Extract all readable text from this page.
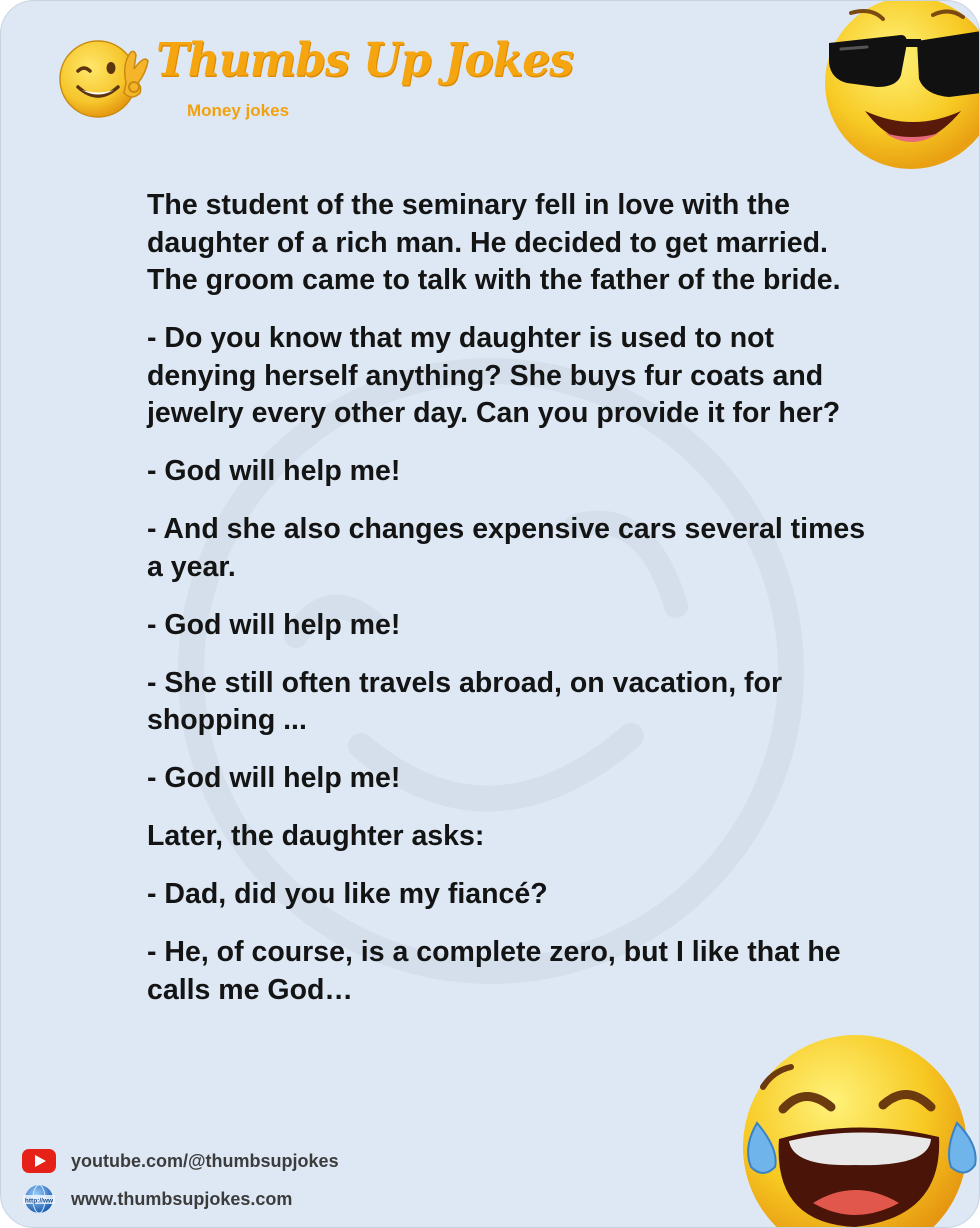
Thumbs Up Jokes
Money jokes

The student of the seminary fell in love with the daughter of a rich man. He decided to get married. The groom came to talk with the father of the bride.

- Do you know that my daughter is used to not denying herself anything? She buys fur coats and jewelry every other day. Can you provide it for her?

- God will help me!

- And she also changes expensive cars several times a year.

- God will help me!

- She still often travels abroad, on vacation, for shopping ...

- God will help me!

Later, the daughter asks:

- Dad, did you like my fiancé?

- He, of course, is a complete zero, but I like that he calls me God…

youtube.com/@thumbsupjokes
http://ww www.thumbsupjokes.com
